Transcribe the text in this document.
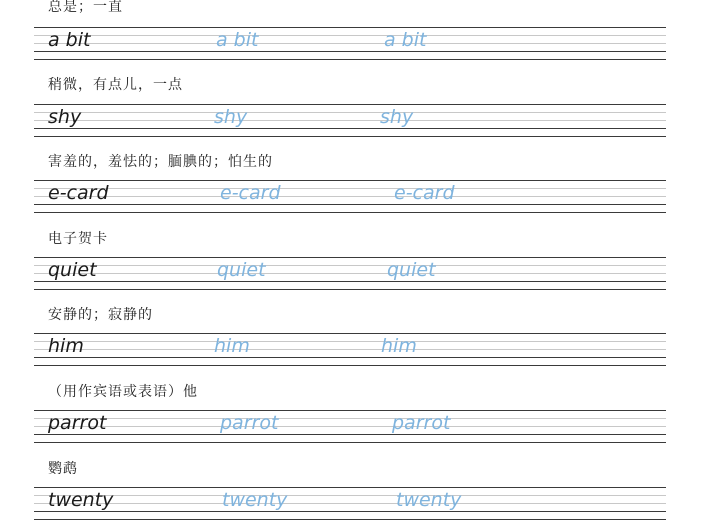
总是；一直
a bit	a bit	a bit
稍微，有点儿，一点
shy	shy	shy
害羞的，羞怯的；腼腆的；怕生的
e-card	e-card	e-card
电子贺卡
quiet	quiet	quiet
安静的；寂静的
him	him	him
（用作宾语或表语）他
parrot	parrot	parrot
鹦鹉
twenty	twenty	twenty
